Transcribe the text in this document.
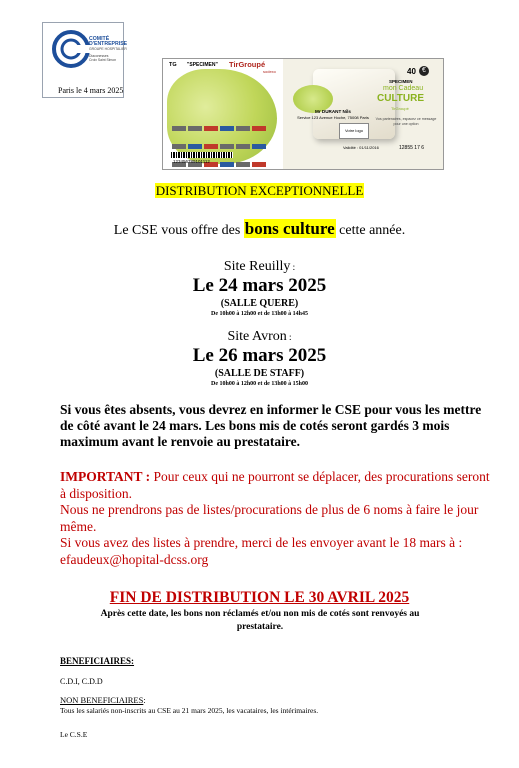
COMITÉ
D'ENTREPRISE
GROUPE HOSPITALIER
Diaconesses
Croix Saint Simon
Paris le 4 mars 2025
TG "SPECIMEN" TirGroupé
sodexo

123456789101112
Mr DURANT Nils
Service 123 Avenue Hoche, 75008 Paris
40 €
SPECIMEN
mon Cadeau
CULTURE
TirGroupé
Votre logo
Vos partenaires, espacez ce message pour une option
Validité : 01/11/2016	12855 17 6
DISTRIBUTION EXCEPTIONNELLE
Le CSE vous offre des bons culture cette année.
Site Reuilly :
Le 24 mars 2025
(SALLE QUERE)
De 10h00 à 12h00 et de 13h00 à 14h45
Site Avron :
Le 26 mars 2025
(SALLE DE STAFF)
De 10h00 à 12h00 et de 13h00 à 15h00
Si vous êtes absents, vous devrez en informer le CSE pour vous les mettre de côté avant le 24 mars. Les bons mis de cotés seront gardés 3 mois maximum avant le renvoie au prestataire.
IMPORTANT : Pour ceux qui ne pourront se déplacer, des procurations seront à disposition.
Nous ne prendrons pas de listes/procurations de plus de 6 noms à faire le jour même.
Si vous avez des listes à prendre, merci de les envoyer avant le 18 mars à : efaudeux@hopital-dcss.org
FIN DE DISTRIBUTION LE 30 AVRIL 2025
Après cette date, les bons non réclamés et/ou non mis de cotés sont renvoyés au prestataire.
BENEFICIAIRES:
C.D.I, C.D.D
NON BENEFICIAIRES:
Tous les salariés non-inscrits au CSE au 21 mars 2025, les vacataires, les intérimaires.
Le C.S.E
